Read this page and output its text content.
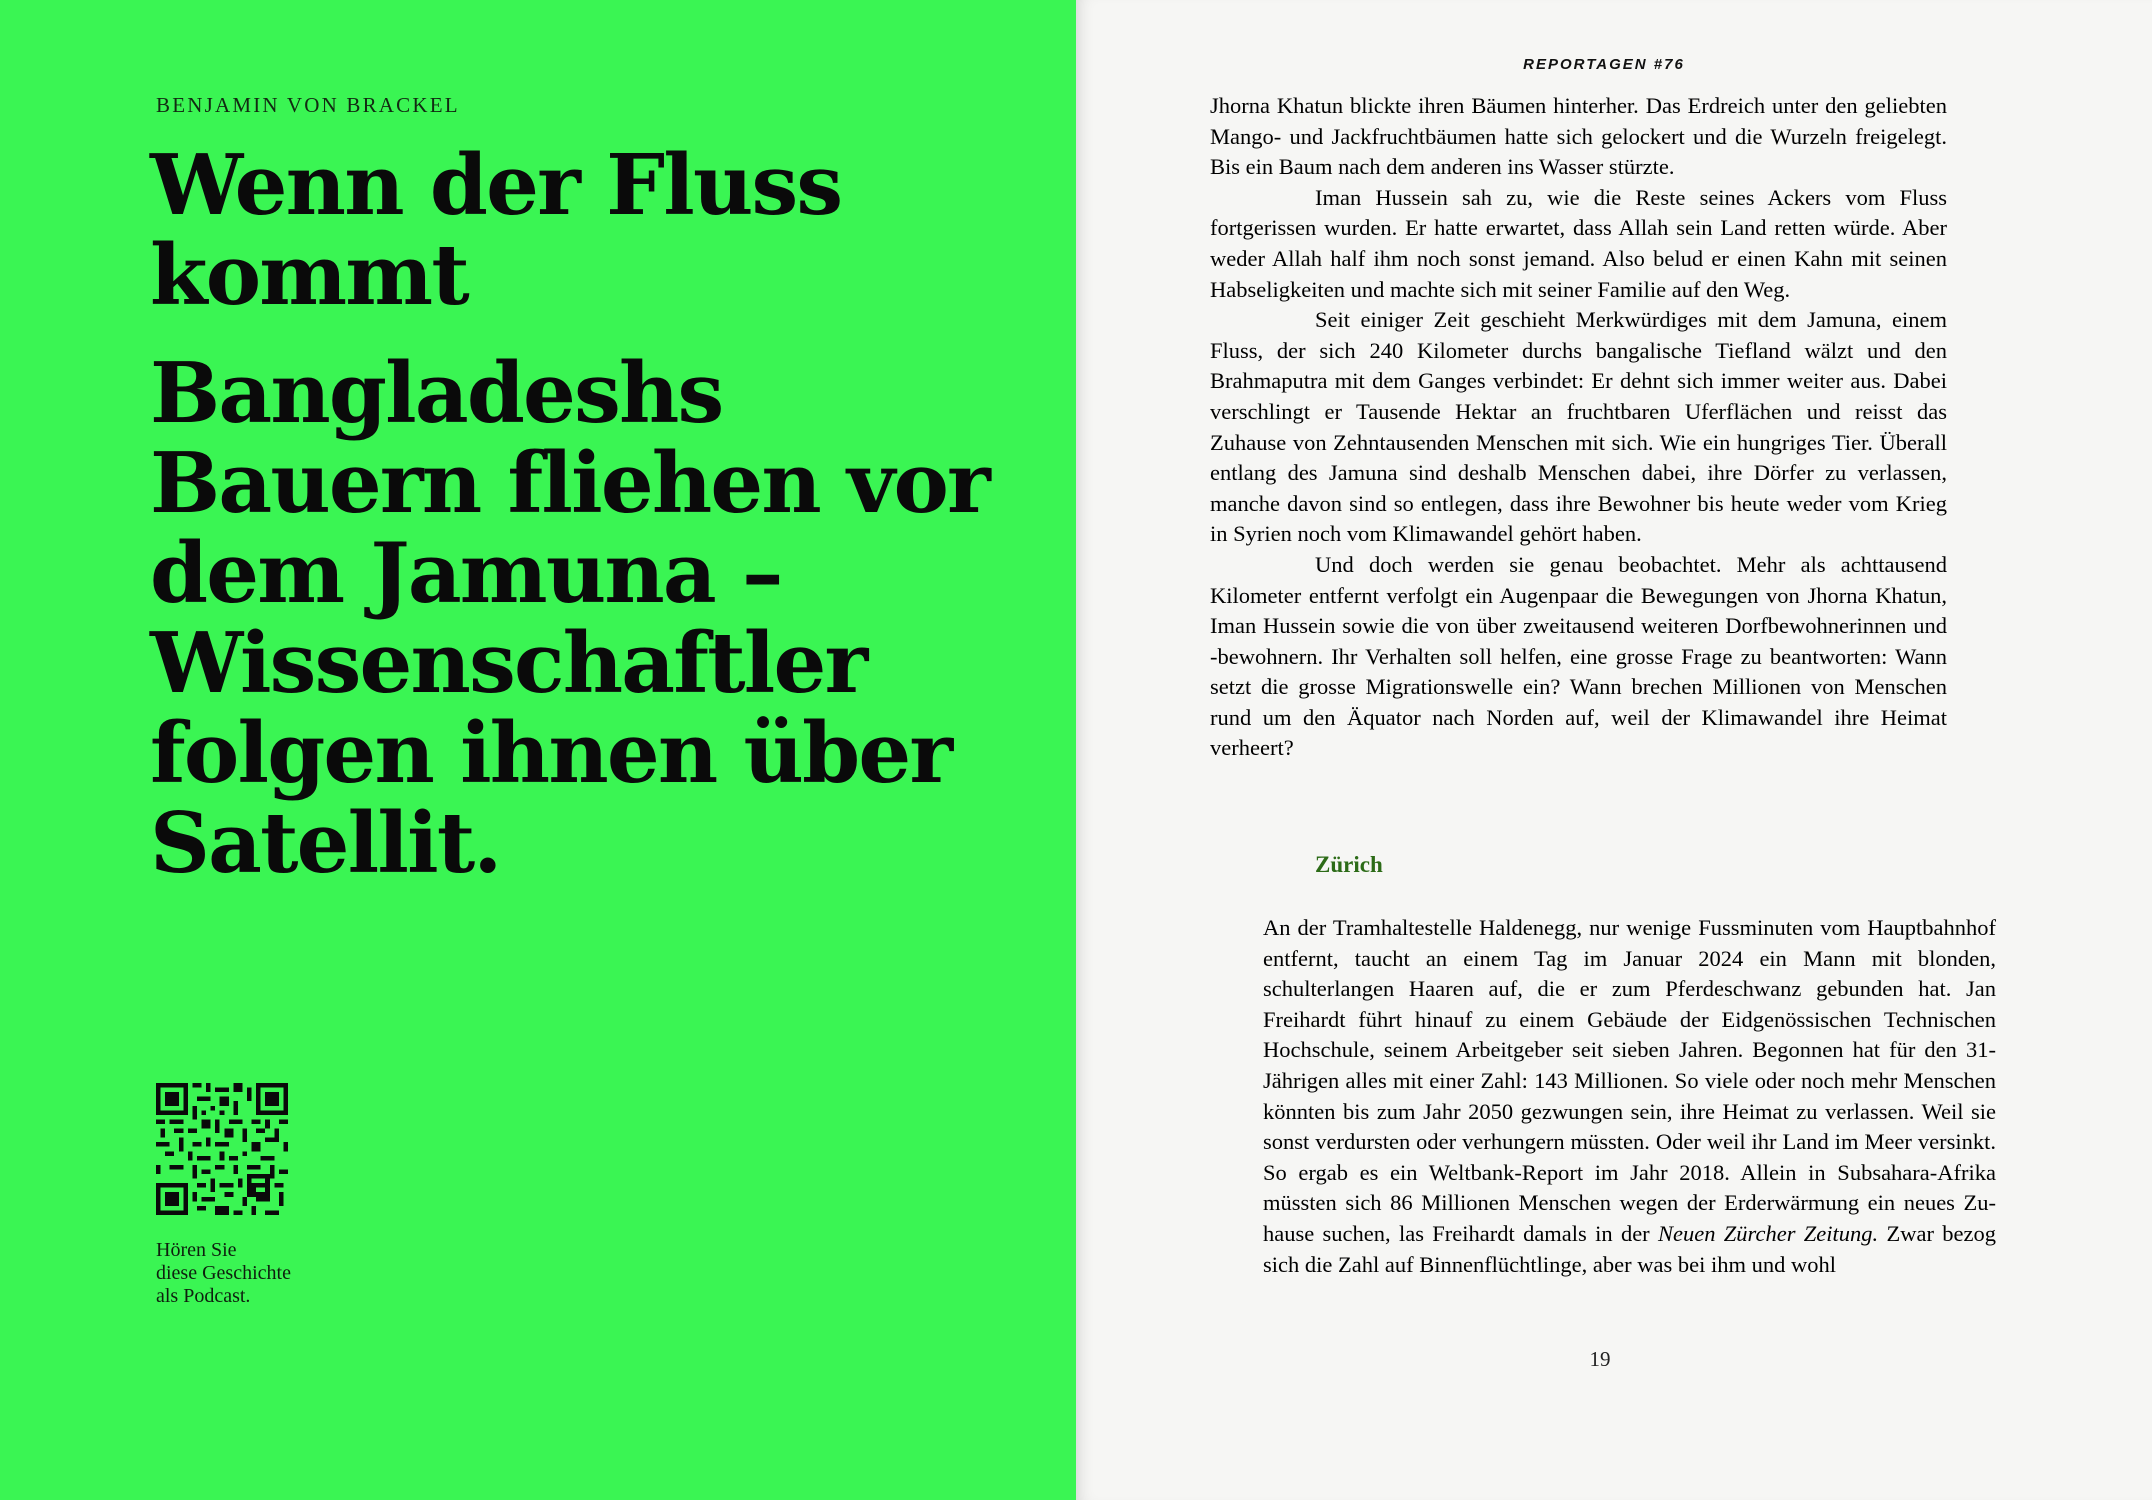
BENJAMIN VON BRACKEL
Wenn der Fluss kommt
Bangladeshs Bauern fliehen vor dem Jamuna – Wissenschaftler folgen ihnen über Satellit.
Hören Sie
diese Geschichte
als Podcast.
REPORTAGEN #76

Jhorna Khatun blickte ihren Bäumen hinterher. Das Erdreich unter den geliebten Mango- und Jackfruchtbäumen hatte sich gelockert und die Wurzeln freigelegt. Bis ein Baum nach dem anderen ins Wasser stürzte.

Iman Hussein sah zu, wie die Reste seines Ackers vom Fluss fortgerissen wurden. Er hatte erwartet, dass Allah sein Land retten würde. Aber weder Allah half ihm noch sonst jemand. Also belud er einen Kahn mit seinen Habseligkeiten und machte sich mit seiner Familie auf den Weg.

Seit einiger Zeit geschieht Merkwürdiges mit dem Jamuna, einem Fluss, der sich 240 Kilometer durchs bangalische Tiefland wälzt und den Brahmaputra mit dem Ganges verbindet: Er dehnt sich immer weiter aus. Dabei verschlingt er Tausende Hektar an fruchtbaren Uferflächen und reisst das Zuhause von Zehntausenden Menschen mit sich. Wie ein hungriges Tier. Überall entlang des Jamuna sind deshalb Menschen dabei, ihre Dörfer zu verlassen, manche davon sind so entlegen, dass ihre Bewohner bis heute weder vom Krieg in Syrien noch vom Klimawandel gehört haben.

Und doch werden sie genau beobachtet. Mehr als achttausend Kilometer entfernt verfolgt ein Augenpaar die Bewegungen von Jhorna Khatun, Iman Hussein sowie die von über zweitausend weiteren Dorfbewohnerinnen und -bewohnern. Ihr Verhalten soll helfen, eine grosse Frage zu beantworten: Wann setzt die grosse Migrationswelle ein? Wann brechen Millionen von Menschen rund um den Äquator nach Norden auf, weil der Klimawandel ihre Heimat verheert?

Zürich

An der Tramhaltestelle Haldenegg, nur wenige Fussminuten vom Hauptbahnhof entfernt, taucht an einem Tag im Januar 2024 ein Mann mit blonden, schulterlangen Haaren auf, die er zum Pferdeschwanz gebunden hat. Jan Freihardt führt hinauf zu einem Gebäude der Eidgenössischen Technischen Hochschule, seinem Arbeitgeber seit sieben Jahren. Begonnen hat für den 31-Jährigen alles mit einer Zahl: 143 Millionen. So viele oder noch mehr Menschen könnten bis zum Jahr 2050 gezwungen sein, ihre Heimat zu verlassen. Weil sie sonst verdursten oder verhungern müssten. Oder weil ihr Land im Meer versinkt. So ergab es ein Weltbank-Report im Jahr 2018. Allein in Subsahara-Afrika müssten sich 86 Millionen Menschen wegen der Erderwärmung ein neues Zuhause suchen, las Freihardt damals in der Neuen Zürcher Zeitung. Zwar bezog sich die Zahl auf Binnenflüchtlinge, aber was bei ihm und wohl

19
